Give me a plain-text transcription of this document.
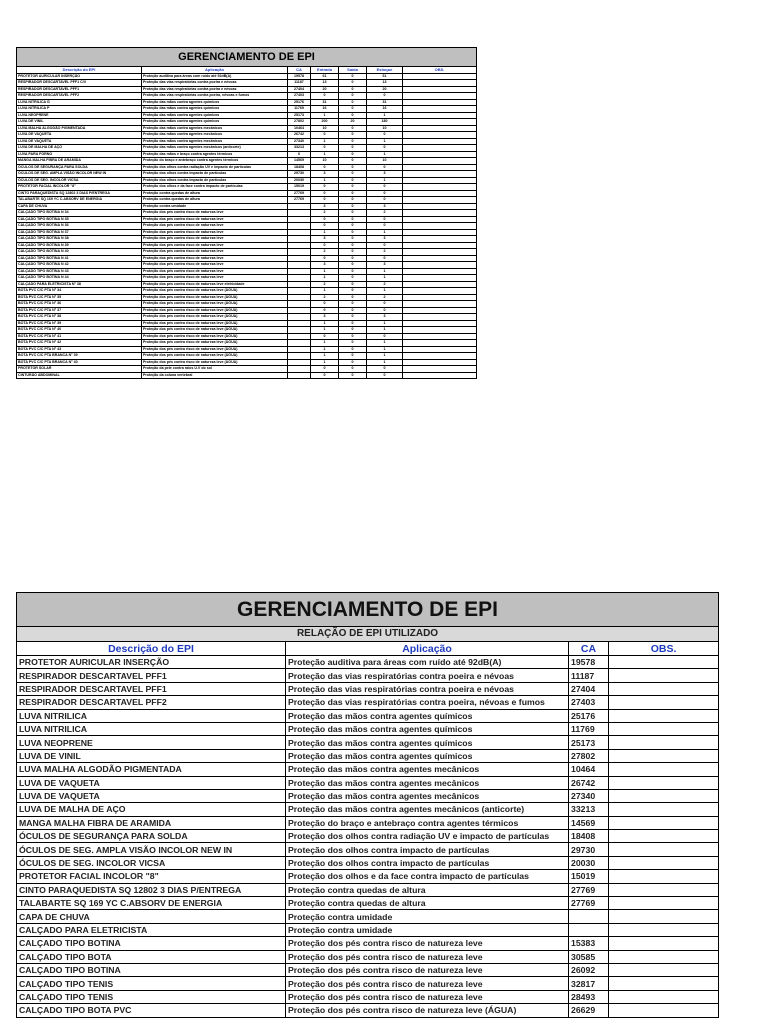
GERENCIAMENTO DE EPI						
Descrição do EPI	Aplicação	CA	Entrada	Saída	Estoque	OBS.
PROTETOR AURICULAR INSERÇÃO	Proteção auditiva para áreas com ruído até 92dB(A)	19578	61	0	61	
RESPIRADOR DESCARTAVEL PFF1 C/V	Proteção das vias respiratórias contra poeira e névoas	11187	13	0	13	
RESPIRADOR DESCARTAVEL PFF1	Proteção das vias respiratórias contra poeira e névoas	27404	20	0	20	
RESPIRADOR DESCARTAVEL PFF2	Proteção das vias respiratórias contra poeira, névoas e fumos	27403	0	0	0	
LUVA NITRILICA G	Proteção das mãos contra agentes químicos	25176	31	0	31	
LUVA NITRILICA P	Proteção das mãos contra agentes químicos	11769	16	0	16	
LUVA NEOPRENE	Proteção das mãos contra agentes químicos	25173	1	0	1	
LUVA DE VINIL	Proteção das mãos contra agentes químicos	27802	200	20	180	
LUVA MALHA ALGODÃO PIGMENTADA	Proteção das mãos contra agentes mecânicos	10464	10	0	10	
LUVA DE VAQUETA	Proteção das mãos contra agentes mecânicos	26742	0	0	0	
LUVA DE VAQUETA	Proteção das mãos contra agentes mecânicos	27340	1	0	1	
LUVA DE MALHA DE AÇO	Proteção das mãos contra agentes mecânicos (anticorte)	33213	0	0	0	
LUVA PARA FORNO	Proteção das mãos e braço contra agentes térmicos	0	1	0	1	
MANGA MALHA FIBRA DE ARAMIDA	Proteção do braço e antebraço contra agentes térmicos	14569	10	0	10	
ÓCULOS DE SEGURANÇA PARA SOLDA	Proteção dos olhos contra radiação UV e impacto de partículas	18408	0	0	0	
ÓCULOS DE SEG. AMPLA VISÃO INCOLOR NEW IN	Proteção dos olhos contra impacto de partículas	29730	3	0	3	
ÓCULOS DE SEG. INCOLOR VICSA	Proteção dos olhos contra impacto de partículas	20030	1	0	1	
PROTETOR FACIAL INCOLOR "8"	Proteção dos olhos e da face contra impacto de partículas	15019	0	0	0	
CINTO PARAQUEDISTA SQ 12802 3 DIAS P/ENTREGA	Proteção contra quedas de altura	27769	0	0	0	
TALABARTE SQ 169 YC C.ABSORV DE ENERGIA	Proteção contra quedas de altura	27769	0	0	0	
CAPA DE CHUVA	Proteção contra umidade		3	0	3	
CALÇADO TIPO BOTINA N 34	Proteção dos pés contra risco de natureza leve		2	0	2	
CALÇADO TIPO BOTINA N 35	Proteção dos pés contra risco de natureza leve		0	0	0	
CALÇADO TIPO BOTINA N 36	Proteção dos pés contra risco de natureza leve		0	0	0	
CALÇADO TIPO BOTINA N 37	Proteção dos pés contra risco de natureza leve		1	0	1	
CALÇADO TIPO BOTINA N 38	Proteção dos pés contra risco de natureza leve		3	0	3	
CALÇADO TIPO BOTINA N 39	Proteção dos pés contra risco de natureza leve		0	0	0	
CALÇADO TIPO BOTINA N 40	Proteção dos pés contra risco de natureza leve		2	0	2	
CALÇADO TIPO BOTINA N 41	Proteção dos pés contra risco de natureza leve		0	0	0	
CALÇADO TIPO BOTINA N 42	Proteção dos pés contra risco de natureza leve		3	0	3	
CALÇADO TIPO BOTINA N 43	Proteção dos pés contra risco de natureza leve		1	0	1	
CALÇADO TIPO BOTINA N 44	Proteção dos pés contra risco de natureza leve		1	0	1	
CALÇADO PARA ELETRICISTA N° 38	Proteção dos pés contra risco de natureza leve eletricidade		2	0	2	
BOTA PVC C/C PTA N° 34	Proteção dos pés contra risco de natureza leve (ÁGUA)		1	0	1	
BOTA PVC C/C PTA N° 35	Proteção dos pés contra risco de natureza leve (ÁGUA)		2	0	2	
BOTA PVC C/C PTA N° 36	Proteção dos pés contra risco de natureza leve (ÁGUA)		0	0	0	
BOTA PVC C/C PTA N° 37	Proteção dos pés contra risco de natureza leve (ÁGUA)		0	0	0	
BOTA PVC C/C PTA N° 38	Proteção dos pés contra risco de natureza leve (ÁGUA)		3	0	3	
BOTA PVC C/C PTA N° 39	Proteção dos pés contra risco de natureza leve (ÁGUA)		1	0	1	
BOTA PVC C/C PTA N° 40	Proteção dos pés contra risco de natureza leve (ÁGUA)		1	0	1	
BOTA PVC C/C PTA N° 41	Proteção dos pés contra risco de natureza leve (ÁGUA)		0	0	0	
BOTA PVC C/C PTA N° 42	Proteção dos pés contra risco de natureza leve (ÁGUA)		1	0	1	
BOTA PVC C/C PTA N° 43	Proteção dos pés contra risco de natureza leve (ÁGUA)		1	0	1	
BOTA PVC C/C PTA BRANCA N° 39	Proteção dos pés contra risco de natureza leve (ÁGUA)		1	0	1	
BOTA PVC C/C PTA BRANCA N° 40	Proteção dos pés contra risco de natureza leve (ÁGUA)		1	0	1	
PROTETOR SOLAR	Proteção da pele contra raios U.V do sol		0	0	0	
CINTURÃO ABDOMINAL	Proteção da coluna vertebral		0	0	0	
GERENCIAMENTO DE EPI			
RELAÇÃO DE EPI UTILIZADO			
Descrição do EPI	Aplicação	CA	OBS.
PROTETOR AURICULAR INSERÇÃO	Proteção auditiva para áreas com ruído até 92dB(A)	19578	
RESPIRADOR DESCARTAVEL PFF1	Proteção das vias respiratórias contra poeira e névoas	11187	
RESPIRADOR DESCARTAVEL PFF1	Proteção das vias respiratórias contra poeira e névoas	27404	
RESPIRADOR DESCARTAVEL PFF2	Proteção das vias respiratórias contra poeira, névoas e fumos	27403	
LUVA NITRILICA	Proteção das mãos contra agentes químicos	25176	
LUVA NITRILICA	Proteção das mãos contra agentes químicos	11769	
LUVA NEOPRENE	Proteção das mãos contra agentes químicos	25173	
LUVA DE VINIL	Proteção das mãos contra agentes químicos	27802	
LUVA MALHA ALGODÃO PIGMENTADA	Proteção das mãos contra agentes mecânicos	10464	
LUVA DE VAQUETA	Proteção das mãos contra agentes mecânicos	26742	
LUVA DE VAQUETA	Proteção das mãos contra agentes mecânicos	27340	
LUVA DE MALHA DE AÇO	Proteção das mãos contra agentes mecânicos (anticorte)	33213	
MANGA MALHA FIBRA DE ARAMIDA	Proteção do braço e antebraço contra agentes térmicos	14569	
ÓCULOS DE SEGURANÇA PARA SOLDA	Proteção dos olhos contra radiação UV e impacto de partículas	18408	
ÓCULOS DE SEG. AMPLA VISÃO INCOLOR NEW IN	Proteção dos olhos contra impacto de partículas	29730	
ÓCULOS DE SEG. INCOLOR VICSA	Proteção dos olhos contra impacto de partículas	20030	
PROTETOR FACIAL INCOLOR "8"	Proteção dos olhos e da face contra impacto de partículas	15019	
CINTO PARAQUEDISTA SQ 12802 3 DIAS P/ENTREGA	Proteção contra quedas de altura	27769	
TALABARTE SQ 169 YC C.ABSORV DE ENERGIA	Proteção contra quedas de altura	27769	
CAPA DE CHUVA	Proteção contra umidade		
CALÇADO PARA ELETRICISTA	Proteção contra umidade		
CALÇADO TIPO BOTINA	Proteção dos pés contra risco de natureza leve	15383	
CALÇADO TIPO BOTA	Proteção dos pés contra risco de natureza leve	30585	
CALÇADO TIPO BOTINA	Proteção dos pés contra risco de natureza leve	26092	
CALÇADO TIPO TENIS	Proteção dos pés contra risco de natureza leve	32817	
CALÇADO TIPO TENIS	Proteção dos pés contra risco de natureza leve	28493	
CALÇADO TIPO BOTA PVC	Proteção dos pés contra risco de natureza leve (ÁGUA)	26629	
